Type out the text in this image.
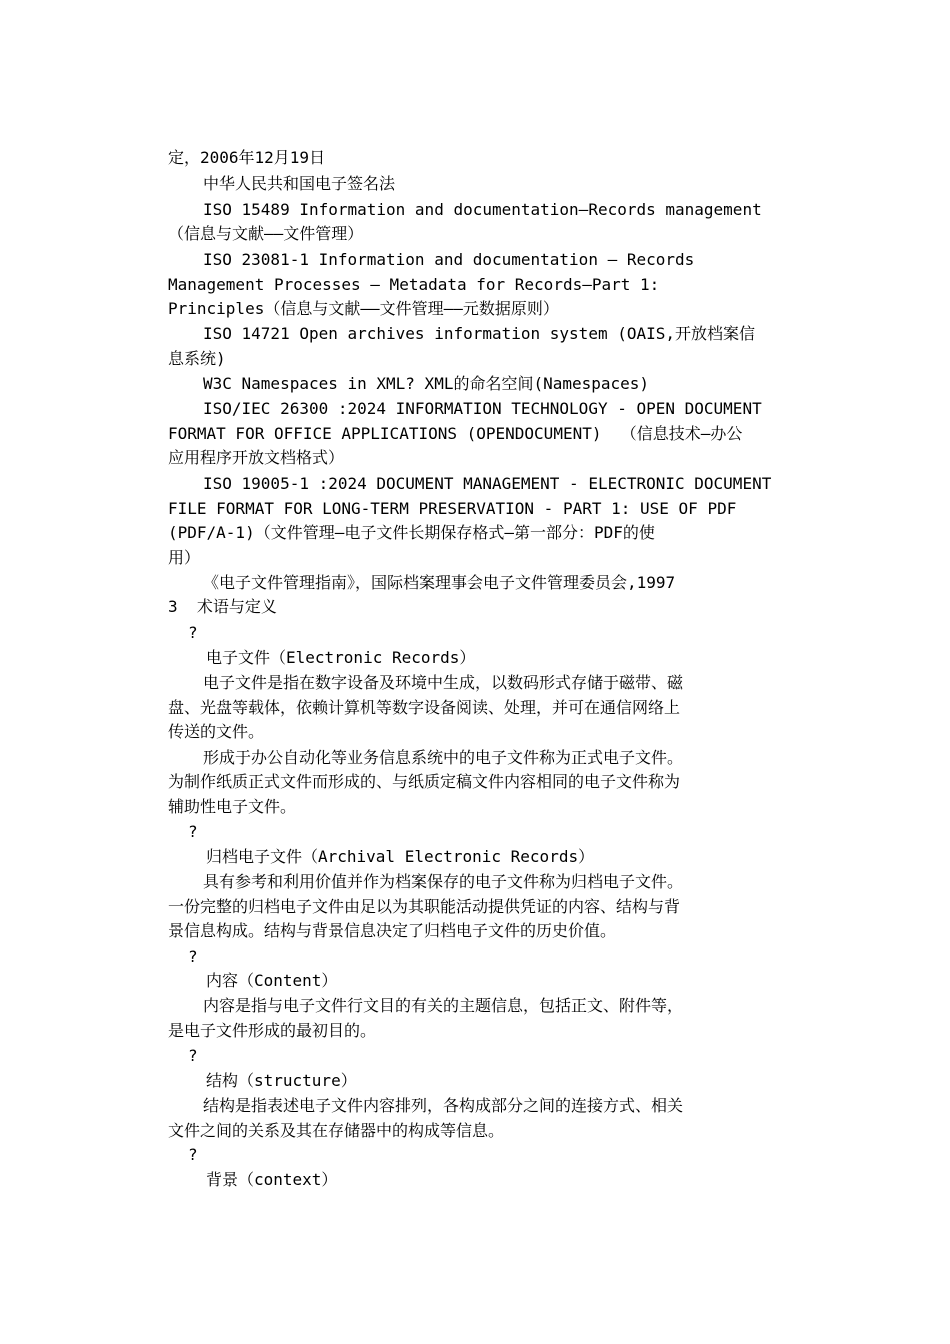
定，2006年12月19日
中华人民共和国电子签名法
ISO 15489 Information and documentation—Records management
（信息与文献——文件管理）
ISO 23081-1 Information and documentation – Records
Management Processes – Metadata for Records—Part 1:
Principles（信息与文献——文件管理——元数据原则）
ISO 14721 Open archives information system (OAIS,开放档案信
息系统)
W3C Namespaces in XML? XML的命名空间(Namespaces)
ISO/IEC 26300 :2024 INFORMATION TECHNOLOGY - OPEN DOCUMENT
FORMAT FOR OFFICE APPLICATIONS (OPENDOCUMENT)  （信息技术—办公
应用程序开放文档格式）
ISO 19005-1 :2024 DOCUMENT MANAGEMENT - ELECTRONIC DOCUMENT
FILE FORMAT FOR LONG-TERM PRESERVATION - PART 1: USE OF PDF
(PDF/A-1)（文件管理—电子文件长期保存格式—第一部分：PDF的使
用）
《电子文件管理指南》，国际档案理事会电子文件管理委员会,1997
3  术语与定义
?
电子文件（Electronic Records）
电子文件是指在数字设备及环境中生成，以数码形式存储于磁带、磁
盘、光盘等载体，依赖计算机等数字设备阅读、处理，并可在通信网络上
传送的文件。
形成于办公自动化等业务信息系统中的电子文件称为正式电子文件。
为制作纸质正式文件而形成的、与纸质定稿文件内容相同的电子文件称为
辅助性电子文件。
?
归档电子文件（Archival Electronic Records）
具有参考和利用价值并作为档案保存的电子文件称为归档电子文件。
一份完整的归档电子文件由足以为其职能活动提供凭证的内容、结构与背
景信息构成。结构与背景信息决定了归档电子文件的历史价值。
?
内容（Content）
内容是指与电子文件行文目的有关的主题信息，包括正文、附件等，
是电子文件形成的最初目的。
?
结构（structure）
结构是指表述电子文件内容排列，各构成部分之间的连接方式、相关
文件之间的关系及其在存储器中的构成等信息。
?
背景（context）
